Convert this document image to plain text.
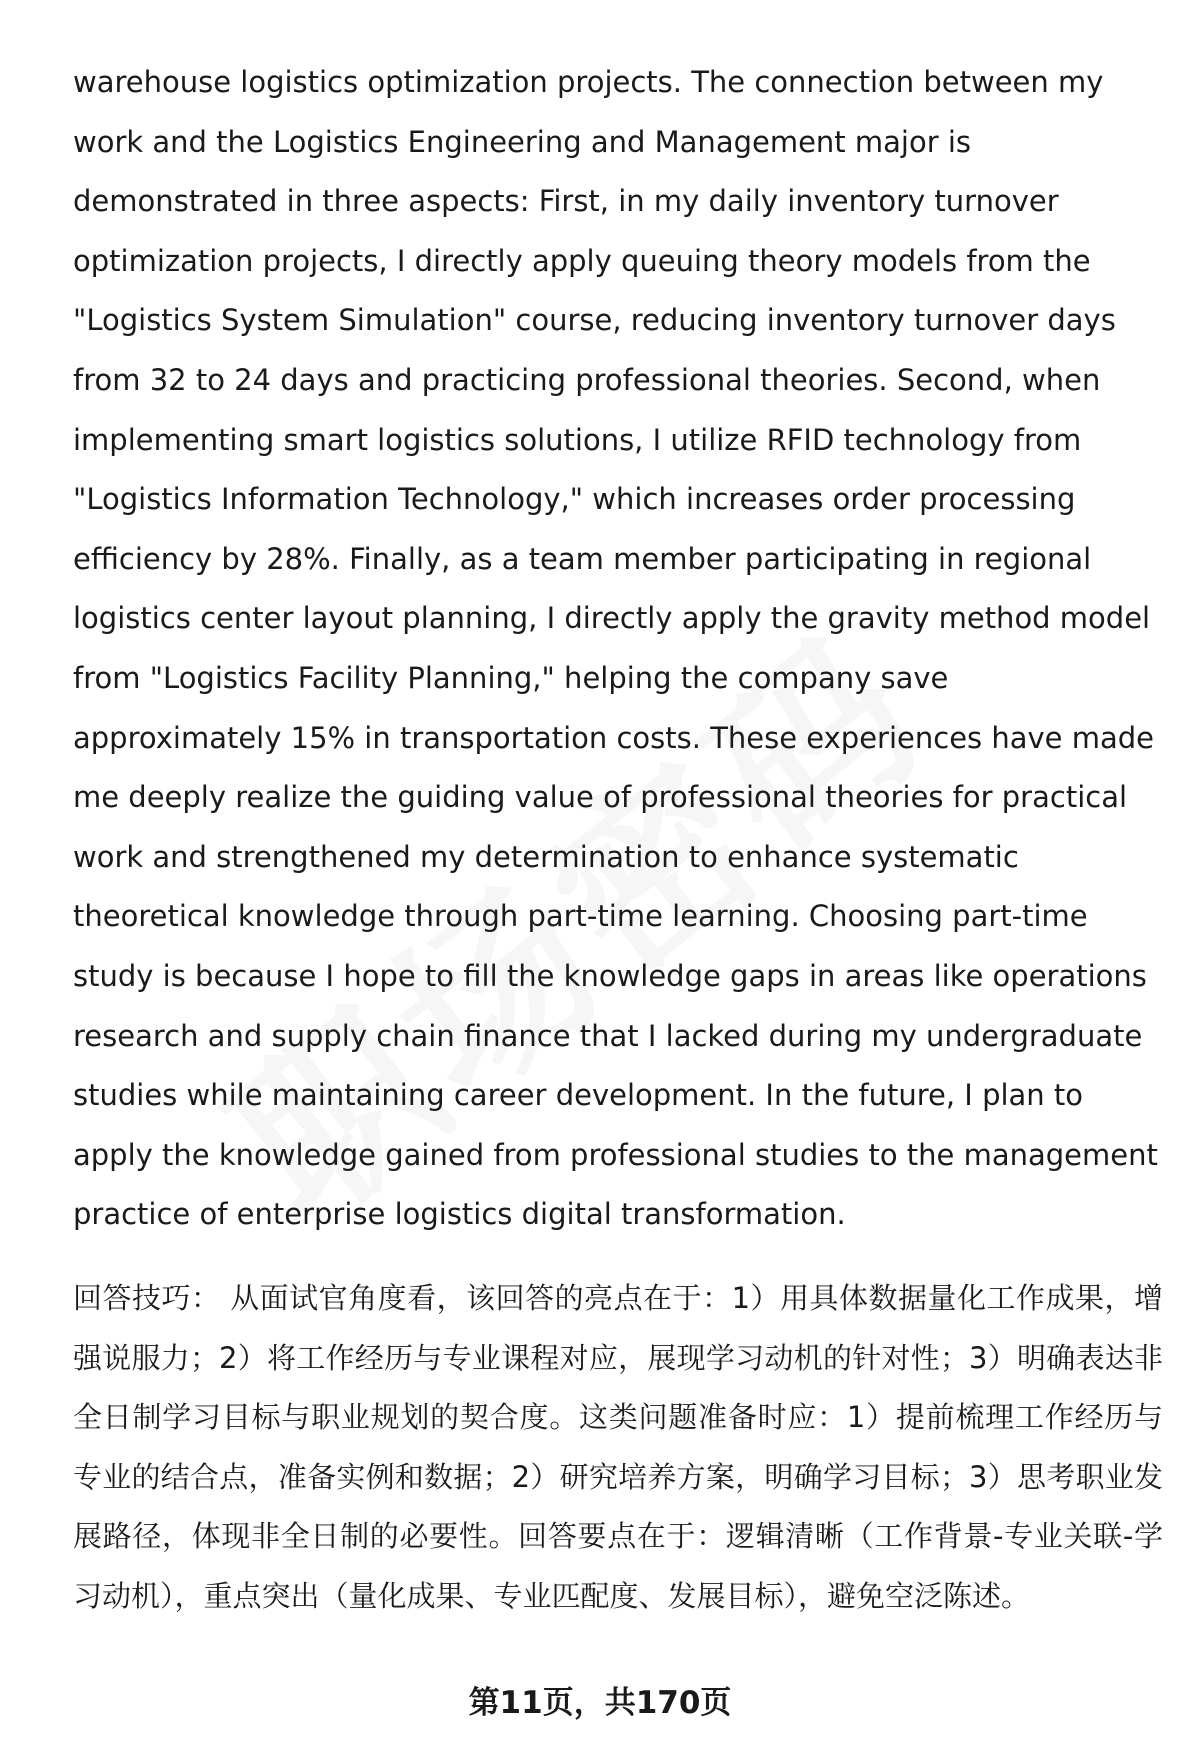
warehouse logistics optimization projects. The connection between my work and the Logistics Engineering and Management major is demonstrated in three aspects: First, in my daily inventory turnover optimization projects, I directly apply queuing theory models from the "Logistics System Simulation" course, reducing inventory turnover days from 32 to 24 days and practicing professional theories. Second, when implementing smart logistics solutions, I utilize RFID technology from "Logistics Information Technology," which increases order processing efficiency by 28%. Finally, as a team member participating in regional logistics center layout planning, I directly apply the gravity method model from "Logistics Facility Planning," helping the company save approximately 15% in transportation costs. These experiences have made me deeply realize the guiding value of professional theories for practical work and strengthened my determination to enhance systematic theoretical knowledge through part-time learning. Choosing part-time study is because I hope to fill the knowledge gaps in areas like operations research and supply chain finance that I lacked during my undergraduate studies while maintaining career development. In the future, I plan to apply the knowledge gained from professional studies to the management practice of enterprise logistics digital transformation.

回答技巧： 从面试官角度看，该回答的亮点在于：1）用具体数据量化工作成果，增强说服力；2）将工作经历与专业课程对应，展现学习动机的针对性；3）明确表达非全日制学习目标与职业规划的契合度。这类问题准备时应：1）提前梳理工作经历与专业的结合点，准备实例和数据；2）研究培养方案，明确学习目标；3）思考职业发展路径，体现非全日制的必要性。回答要点在于：逻辑清晰（工作背景-专业关联-学习动机），重点突出（量化成果、专业匹配度、发展目标），避免空泛陈述。

第11页，共170页
